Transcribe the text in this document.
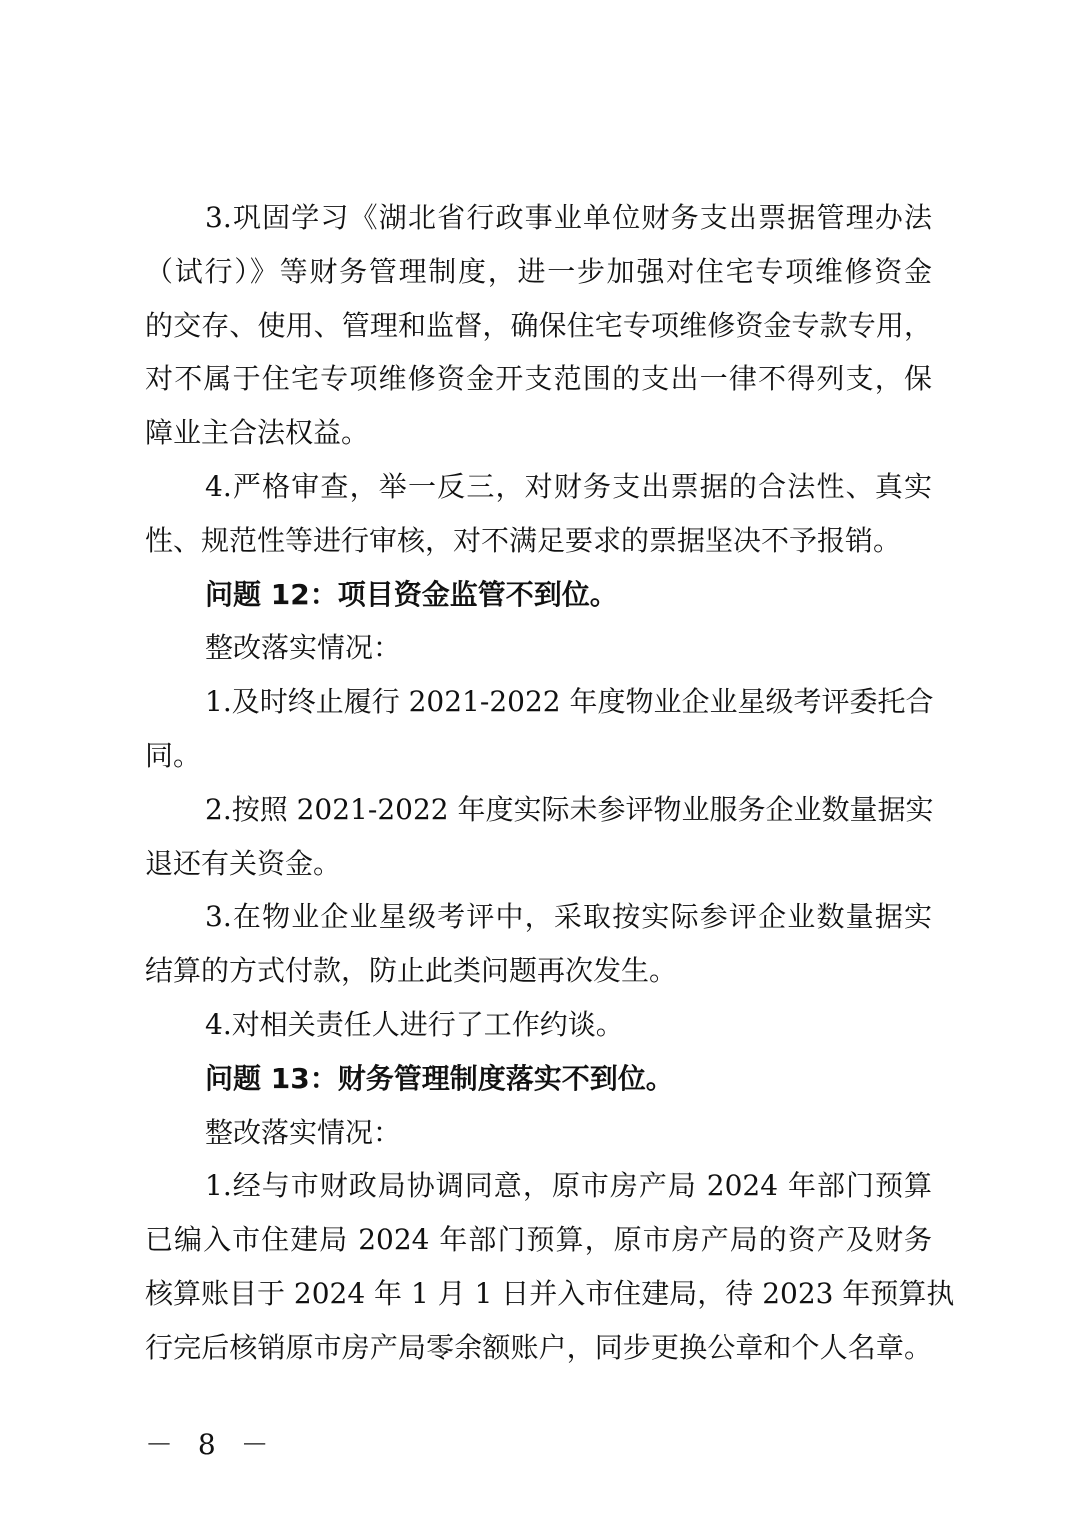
3.巩固学习《湖北省行政事业单位财务支出票据管理办法
（试行）》等财务管理制度，进一步加强对住宅专项维修资金
的交存、使用、管理和监督，确保住宅专项维修资金专款专用，
对不属于住宅专项维修资金开支范围的支出一律不得列支，保
障业主合法权益。
4.严格审查，举一反三，对财务支出票据的合法性、真实
性、规范性等进行审核，对不满足要求的票据坚决不予报销。
问题 12：项目资金监管不到位。
整改落实情况：
1.及时终止履行 2021-2022 年度物业企业星级考评委托合
同。
2.按照 2021-2022 年度实际未参评物业服务企业数量据实
退还有关资金。
3.在物业企业星级考评中，采取按实际参评企业数量据实
结算的方式付款，防止此类问题再次发生。
4.对相关责任人进行了工作约谈。
问题 13：财务管理制度落实不到位。
整改落实情况：
1.经与市财政局协调同意，原市房产局 2024 年部门预算
已编入市住建局 2024 年部门预算，原市房产局的资产及财务
核算账目于 2024 年 1 月 1 日并入市住建局，待 2023 年预算执
行完后核销原市房产局零余额账户，同步更换公章和个人名章。
－ 8 －
